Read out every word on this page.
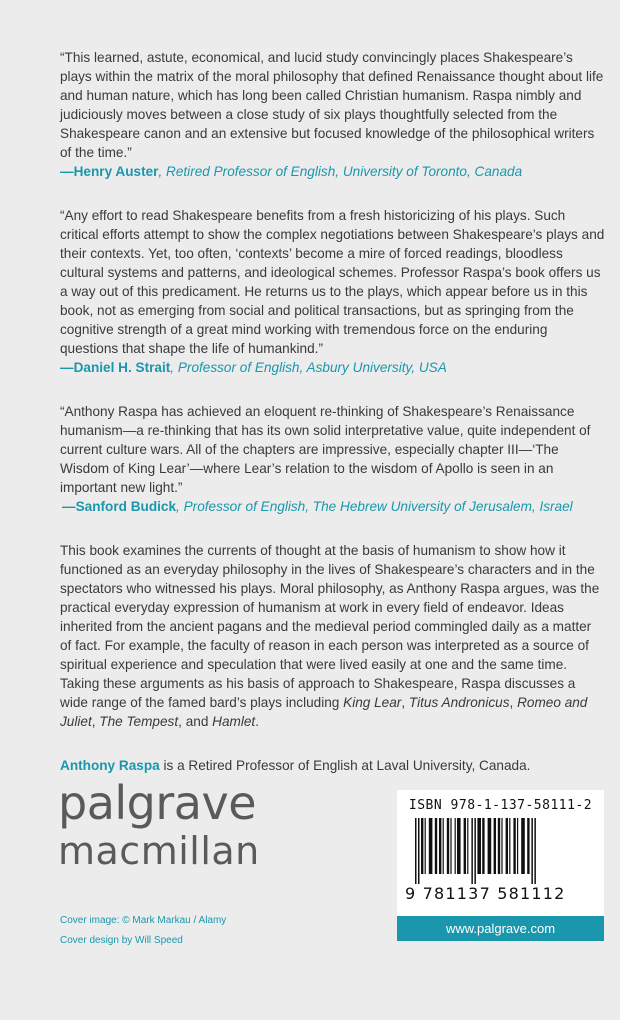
“This learned, astute, economical, and lucid study convincingly places Shakespeare’s plays within the matrix of the moral philosophy that defined Renaissance thought about life and human nature, which has long been called Christian humanism. Raspa nimbly and judiciously moves between a close study of six plays thoughtfully selected from the Shakespeare canon and an extensive but focused knowledge of the philosophical writers of the time.”

—Henry Auster, Retired Professor of English, University of Toronto, Canada

“Any effort to read Shakespeare benefits from a fresh historicizing of his plays. Such critical efforts attempt to show the complex negotiations between Shakespeare’s plays and their contexts. Yet, too often, ‘contexts’ become a mire of forced readings, bloodless cultural systems and patterns, and ideological schemes. Professor Raspa’s book offers us a way out of this predicament. He returns us to the plays, which appear before us in this book, not as emerging from social and political transactions, but as springing from the cognitive strength of a great mind working with tremendous force on the enduring questions that shape the life of humankind.”

—Daniel H. Strait, Professor of English, Asbury University, USA

“Anthony Raspa has achieved an eloquent re-thinking of Shakespeare’s Renaissance humanism—a re-thinking that has its own solid interpretative value, quite independent of current culture wars. All of the chapters are impressive, especially chapter III—‘The Wisdom of King Lear’—where Lear’s relation to the wisdom of Apollo is seen in an important new light.”

—Sanford Budick, Professor of English, The Hebrew University of Jerusalem, Israel

This book examines the currents of thought at the basis of humanism to show how it functioned as an everyday philosophy in the lives of Shakespeare’s characters and in the spectators who witnessed his plays. Moral philosophy, as Anthony Raspa argues, was the practical everyday expression of humanism at work in every field of endeavor. Ideas inherited from the ancient pagans and the medieval period commingled daily as a matter of fact. For example, the faculty of reason in each person was interpreted as a source of spiritual experience and speculation that were lived easily at one and the same time. Taking these arguments as his basis of approach to Shakespeare, Raspa discusses a wide range of the famed bard’s plays including King Lear, Titus Andronicus, Romeo and Juliet, The Tempest, and Hamlet.

Anthony Raspa is a Retired Professor of English at Laval University, Canada.

palgrave
macmillan
Cover image: © Mark Markau / Alamy
Cover design by Will Speed
ISBN 978-1-137-58111-2
9 781137 581112
www.palgrave.com
